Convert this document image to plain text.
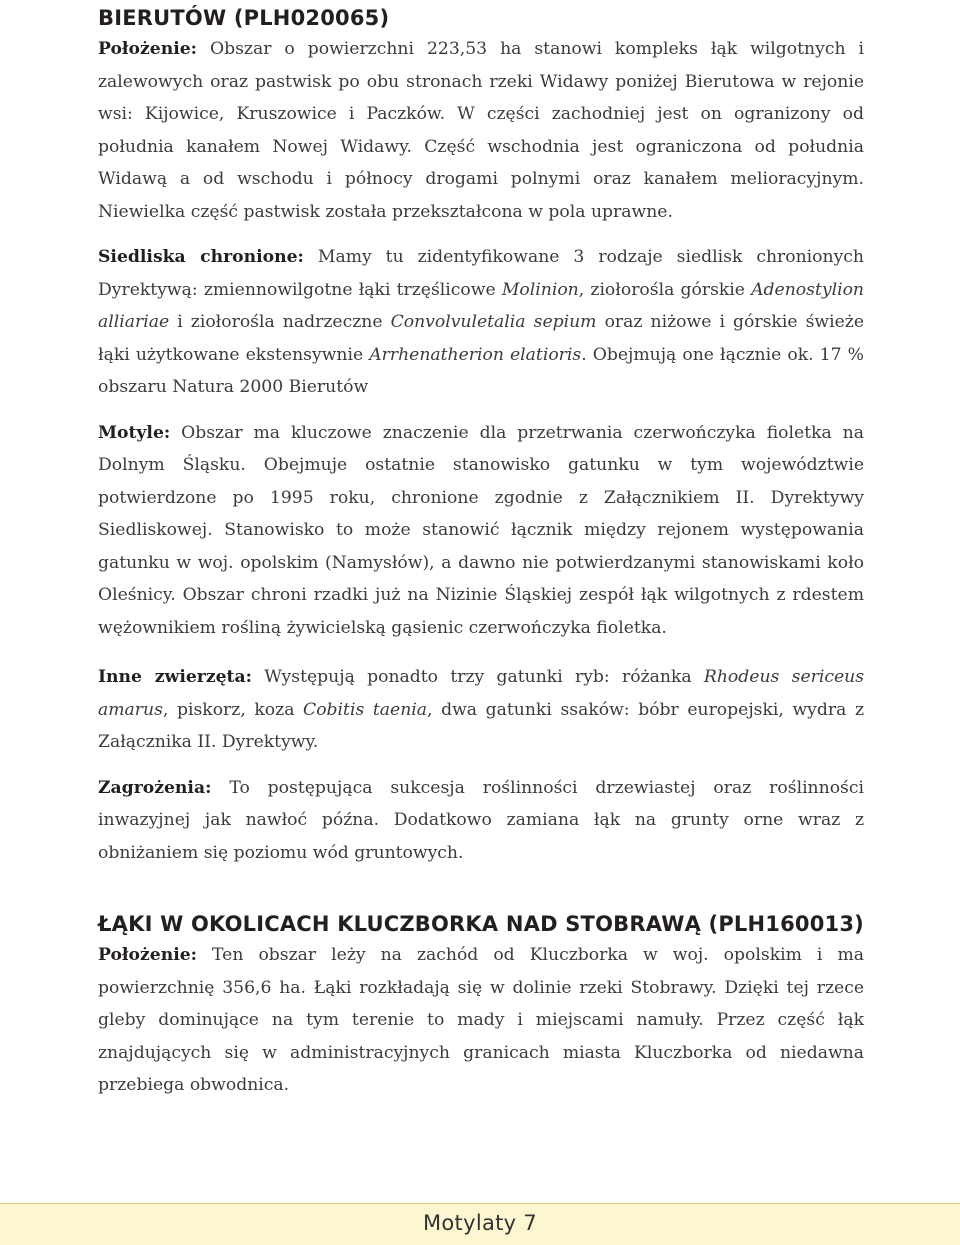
BIERUTÓW (PLH020065)

Położenie: Obszar o powierzchni 223,53 ha stanowi kompleks łąk wilgotnych i zalewowych oraz pastwisk po obu stronach rzeki Widawy poniżej Bierutowa w rejonie wsi: Kijowice, Kruszowice i Paczków. W części zachodniej jest on ogranizony od południa kanałem Nowej Widawy. Część wschodnia jest ograniczona od południa Widawą a od wschodu i północy drogami polnymi oraz kanałem melioracyjnym. Niewielka część pastwisk została przekształcona w pola uprawne.

Siedliska chronione: Mamy tu zidentyfikowane 3 rodzaje siedlisk chronionych Dyrektywą: zmiennowilgotne łąki trzęślicowe Molinion, ziołorośla górskie Adenostylion alliariae i ziołorośla nadrzeczne Convolvuletalia sepium oraz niżowe i górskie świeże łąki użytkowane ekstensywnie Arrhenatherion elatioris. Obejmują one łącznie ok. 17 % obszaru Natura 2000 Bierutów

Motyle: Obszar ma kluczowe znaczenie dla przetrwania czerwończyka fioletka na Dolnym Śląsku. Obejmuje ostatnie stanowisko gatunku w tym województwie potwierdzone po 1995 roku, chronione zgodnie z Załącznikiem II. Dyrektywy Siedliskowej. Stanowisko to może stanowić łącznik między rejonem występowania gatunku w woj. opolskim (Namysłów), a dawno nie potwierdzanymi stanowiskami koło Oleśnicy. Obszar chroni rzadki już na Nizinie Śląskiej zespół łąk wilgotnych z rdestem wężownikiem rośliną żywicielską gąsienic czerwończyka fioletka.

Inne zwierzęta: Występują ponadto trzy gatunki ryb: różanka Rhodeus sericeus amarus, piskorz, koza Cobitis taenia, dwa gatunki ssaków: bóbr europejski, wydra z Załącznika II. Dyrektywy.

Zagrożenia: To postępująca sukcesja roślinności drzewiastej oraz roślinności inwazyjnej jak nawłoć późna. Dodatkowo zamiana łąk na grunty orne wraz z obniżaniem się poziomu wód gruntowych.

ŁĄKI W OKOLICACH KLUCZBORKA NAD STOBRAWĄ (PLH160013)

Położenie: Ten obszar leży na zachód od Kluczborka w woj. opolskim i ma powierzchnię 356,6 ha. Łąki rozkładają się w dolinie rzeki Stobrawy. Dzięki tej rzece gleby dominujące na tym terenie to mady i miejscami namuły. Przez część łąk znajdujących się w administracyjnych granicach miasta Kluczborka od niedawna przebiega obwodnica.

Motylaty 7
